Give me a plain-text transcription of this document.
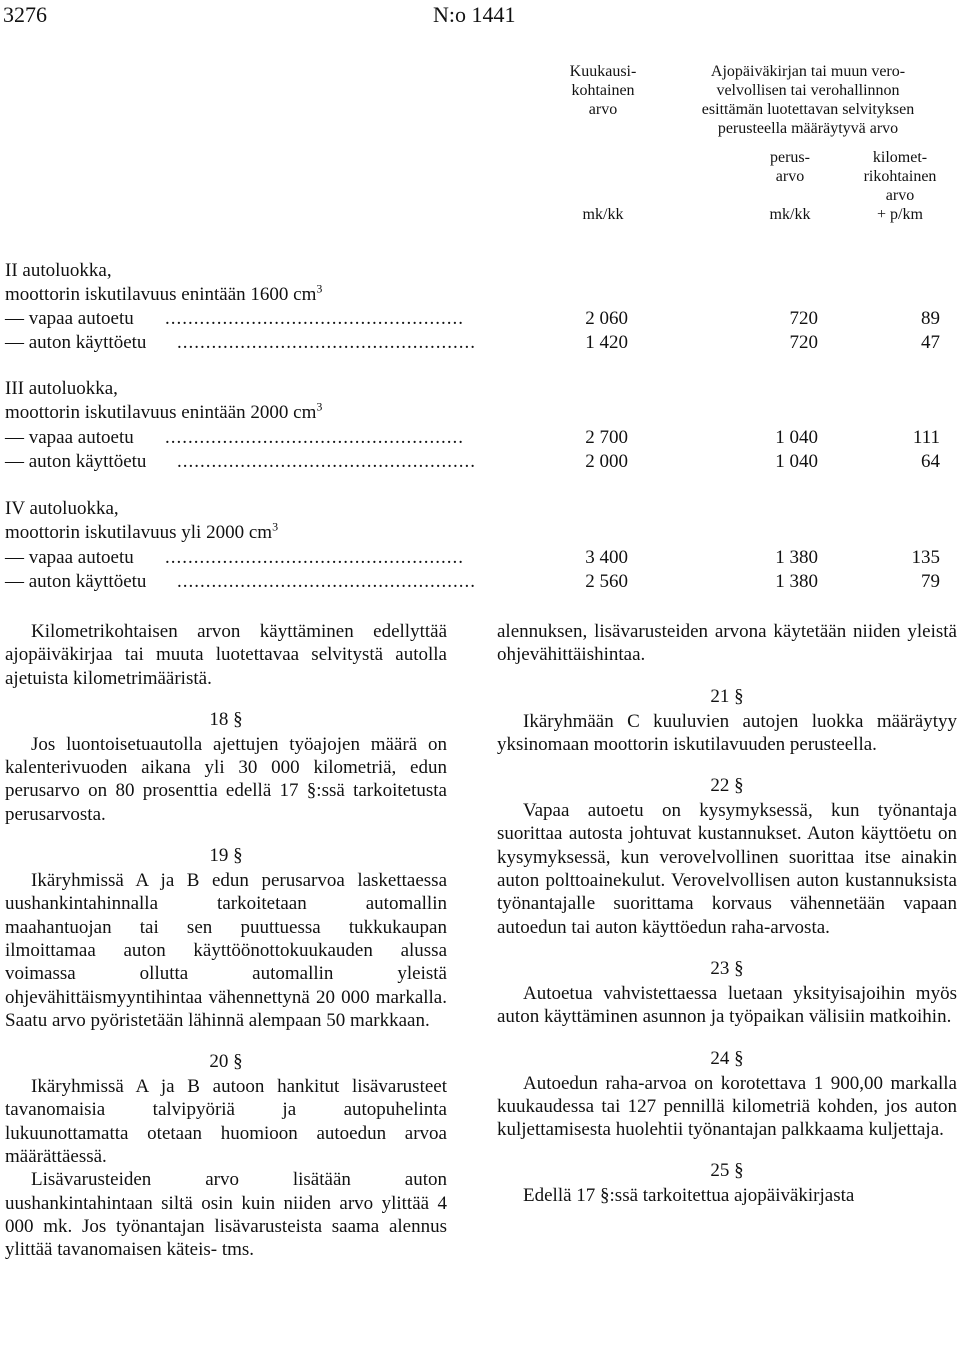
3276	N:o 1441
Kuukausi-
kohtainen
arvo
Ajopäiväkirjan tai muun vero-
velvollisen tai verohallinnon
esittämän luotettavan selvityksen
perusteella määräytyvä arvo
perus-
arvo
kilomet-
rikohtainen
arvo
mk/kk	mk/kk	+ p/km
II autoluokka,
moottorin iskutilavuus enintään 1600 $cm^3$
— vapaa autoetu ....................................................	2 060	720	89
— auton käyttöetu ....................................................	1 420	720	47
III autoluokka,
moottorin iskutilavuus enintään 2000 $cm^3$
— vapaa autoetu ....................................................	2 700	1 040	111
— auton käyttöetu ....................................................	2 000	1 040	64
IV autoluokka,
moottorin iskutilavuus yli 2000 $cm^3$
— vapaa autoetu ....................................................	3 400	1 380	135
— auton käyttöetu ....................................................	2 560	1 380	79

Kilometrikohtaisen arvon käyttäminen edellyttää ajopäiväkirjaa tai muuta luotettavaa selvitystä autolla ajetuista kilometrimääristä.

18 §

Jos luontoisetuautolla ajettujen työajojen määrä on kalenterivuoden aikana yli 30 000 kilometriä, edun perusarvo on 80 prosenttia edellä 17 §:ssä tarkoitetusta perusarvosta.

19 §

Ikäryhmissä A ja B edun perusarvoa laskettaessa uushankintahinnalla tarkoitetaan automallin maahantuojan tai sen puuttuessa tukkukaupan ilmoittamaa auton käyttöönottokuukauden alussa voimassa ollutta automallin yleistä ohjevähittäismyyntihintaa vähennettynä 20 000 markalla. Saatu arvo pyöristetään lähinnä alempaan 50 markkaan.

20 §

Ikäryhmissä A ja B autoon hankitut lisävarusteet tavanomaisia talvipyöriä ja autopuhelinta lukuunottamatta otetaan huomioon autoedun arvoa määrättäessä.

Lisävarusteiden arvo lisätään auton uushankintahintaan siltä osin kuin niiden arvo ylittää 4 000 mk. Jos työnantajan lisävarusteista saama alennus ylittää tavanomaisen käteis- tms.

alennuksen, lisävarusteiden arvona käytetään niiden yleistä ohjevähittäishintaa.

21 §

Ikäryhmään C kuuluvien autojen luokka määräytyy yksinomaan moottorin iskutilavuuden perusteella.

22 §

Vapaa autoetu on kysymyksessä, kun työnantaja suorittaa autosta johtuvat kustannukset. Auton käyttöetu on kysymyksessä, kun verovelvollinen suorittaa itse ainakin auton polttoainekulut. Verovelvollisen auton kustannuksista työnantajalle suorittama korvaus vähennetään vapaan autoedun tai auton käyttöedun raha-arvosta.

23 §

Autoetua vahvistettaessa luetaan yksityisajoihin myös auton käyttäminen asunnon ja työpaikan välisiin matkoihin.

24 §

Autoedun raha-arvoa on korotettava 1 900,00 markalla kuukaudessa tai 127 pennillä kilometriä kohden, jos auton kuljettamisesta huolehtii työnantajan palkkaama kuljettaja.

25 §

Edellä 17 §:ssä tarkoitettua ajopäiväkirjasta
